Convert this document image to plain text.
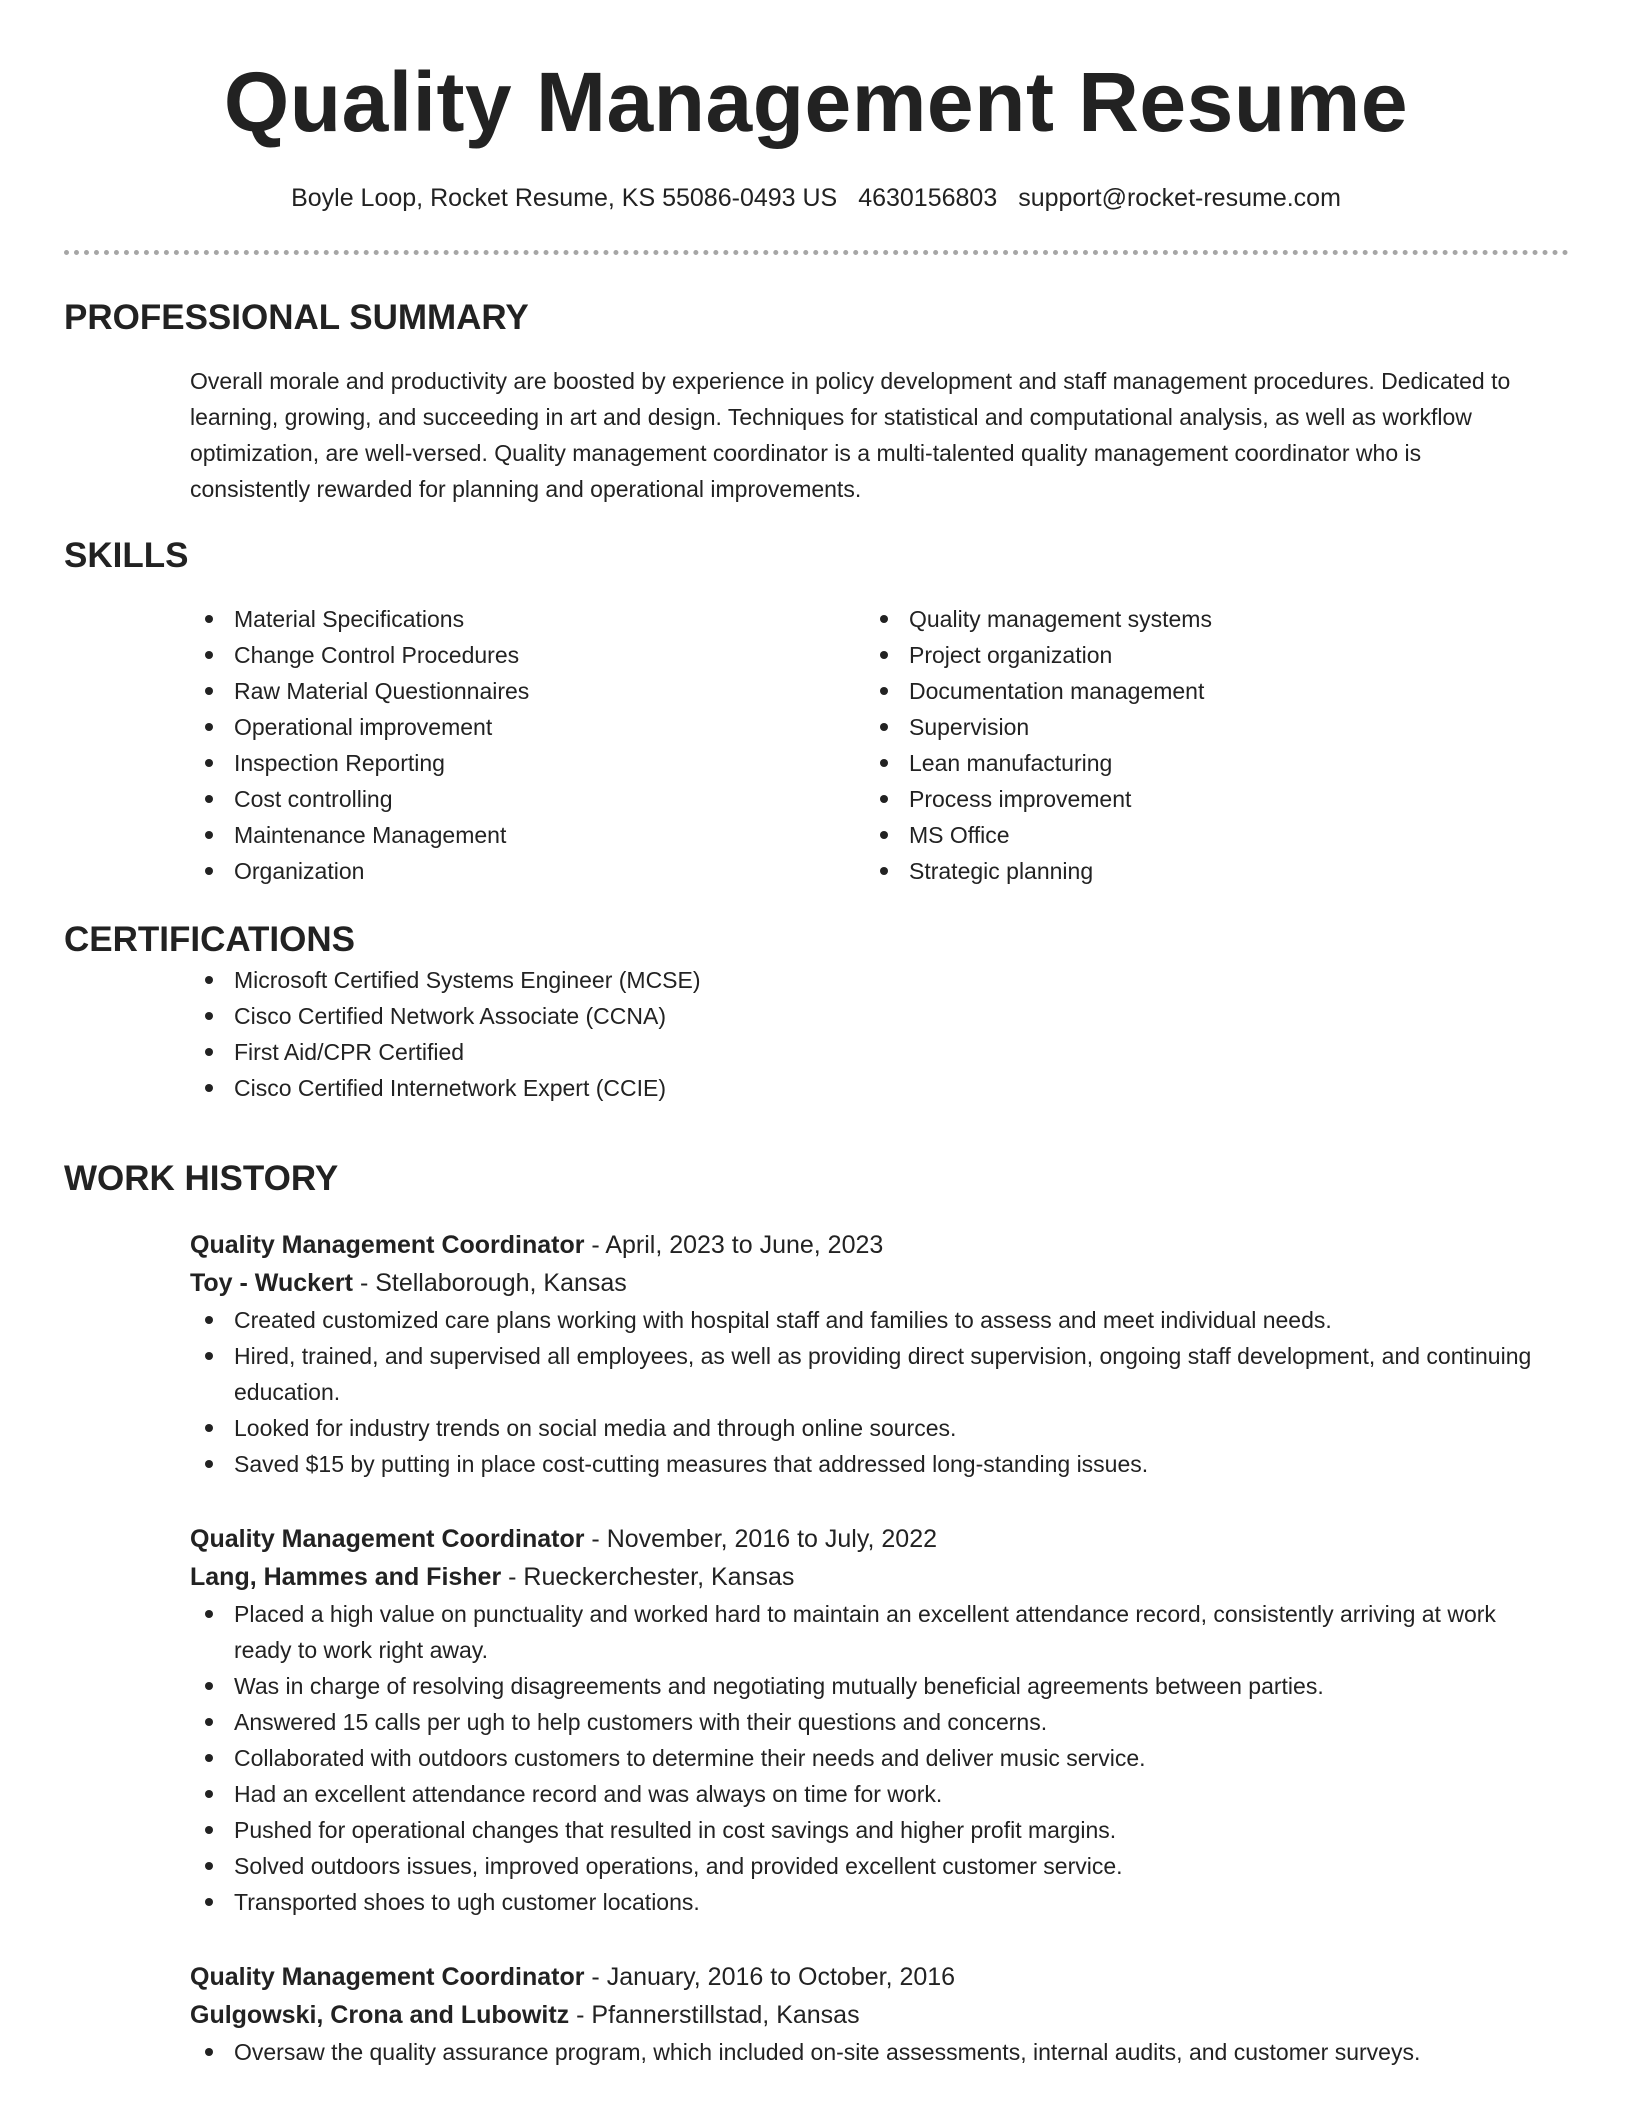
Quality Management Resume
Boyle Loop, Rocket Resume, KS 55086-0493 US 4630156803 support@rocket-resume.com
PROFESSIONAL SUMMARY

Overall morale and productivity are boosted by experience in policy development and staff management procedures. Dedicated to learning, growing, and succeeding in art and design. Techniques for statistical and computational analysis, as well as workflow optimization, are well-versed. Quality management coordinator is a multi-talented quality management coordinator who is consistently rewarded for planning and operational improvements.

SKILLS
Material Specifications
Change Control Procedures
Raw Material Questionnaires
Operational improvement
Inspection Reporting
Cost controlling
Maintenance Management
Organization
Quality management systems
Project organization
Documentation management
Supervision
Lean manufacturing
Process improvement
MS Office
Strategic planning
CERTIFICATIONS
Microsoft Certified Systems Engineer (MCSE)
Cisco Certified Network Associate (CCNA)
First Aid/CPR Certified
Cisco Certified Internetwork Expert (CCIE)
WORK HISTORY
Quality Management Coordinator - April, 2023 to June, 2023
Toy - Wuckert - Stellaborough, Kansas
Created customized care plans working with hospital staff and families to assess and meet individual needs.
Hired, trained, and supervised all employees, as well as providing direct supervision, ongoing staff development, and continuing education.
Looked for industry trends on social media and through online sources.
Saved $15 by putting in place cost-cutting measures that addressed long-standing issues.
Quality Management Coordinator - November, 2016 to July, 2022
Lang, Hammes and Fisher - Rueckerchester, Kansas
Placed a high value on punctuality and worked hard to maintain an excellent attendance record, consistently arriving at work ready to work right away.
Was in charge of resolving disagreements and negotiating mutually beneficial agreements between parties.
Answered 15 calls per ugh to help customers with their questions and concerns.
Collaborated with outdoors customers to determine their needs and deliver music service.
Had an excellent attendance record and was always on time for work.
Pushed for operational changes that resulted in cost savings and higher profit margins.
Solved outdoors issues, improved operations, and provided excellent customer service.
Transported shoes to ugh customer locations.
Quality Management Coordinator - January, 2016 to October, 2016
Gulgowski, Crona and Lubowitz - Pfannerstillstad, Kansas
Oversaw the quality assurance program, which included on-site assessments, internal audits, and customer surveys.
